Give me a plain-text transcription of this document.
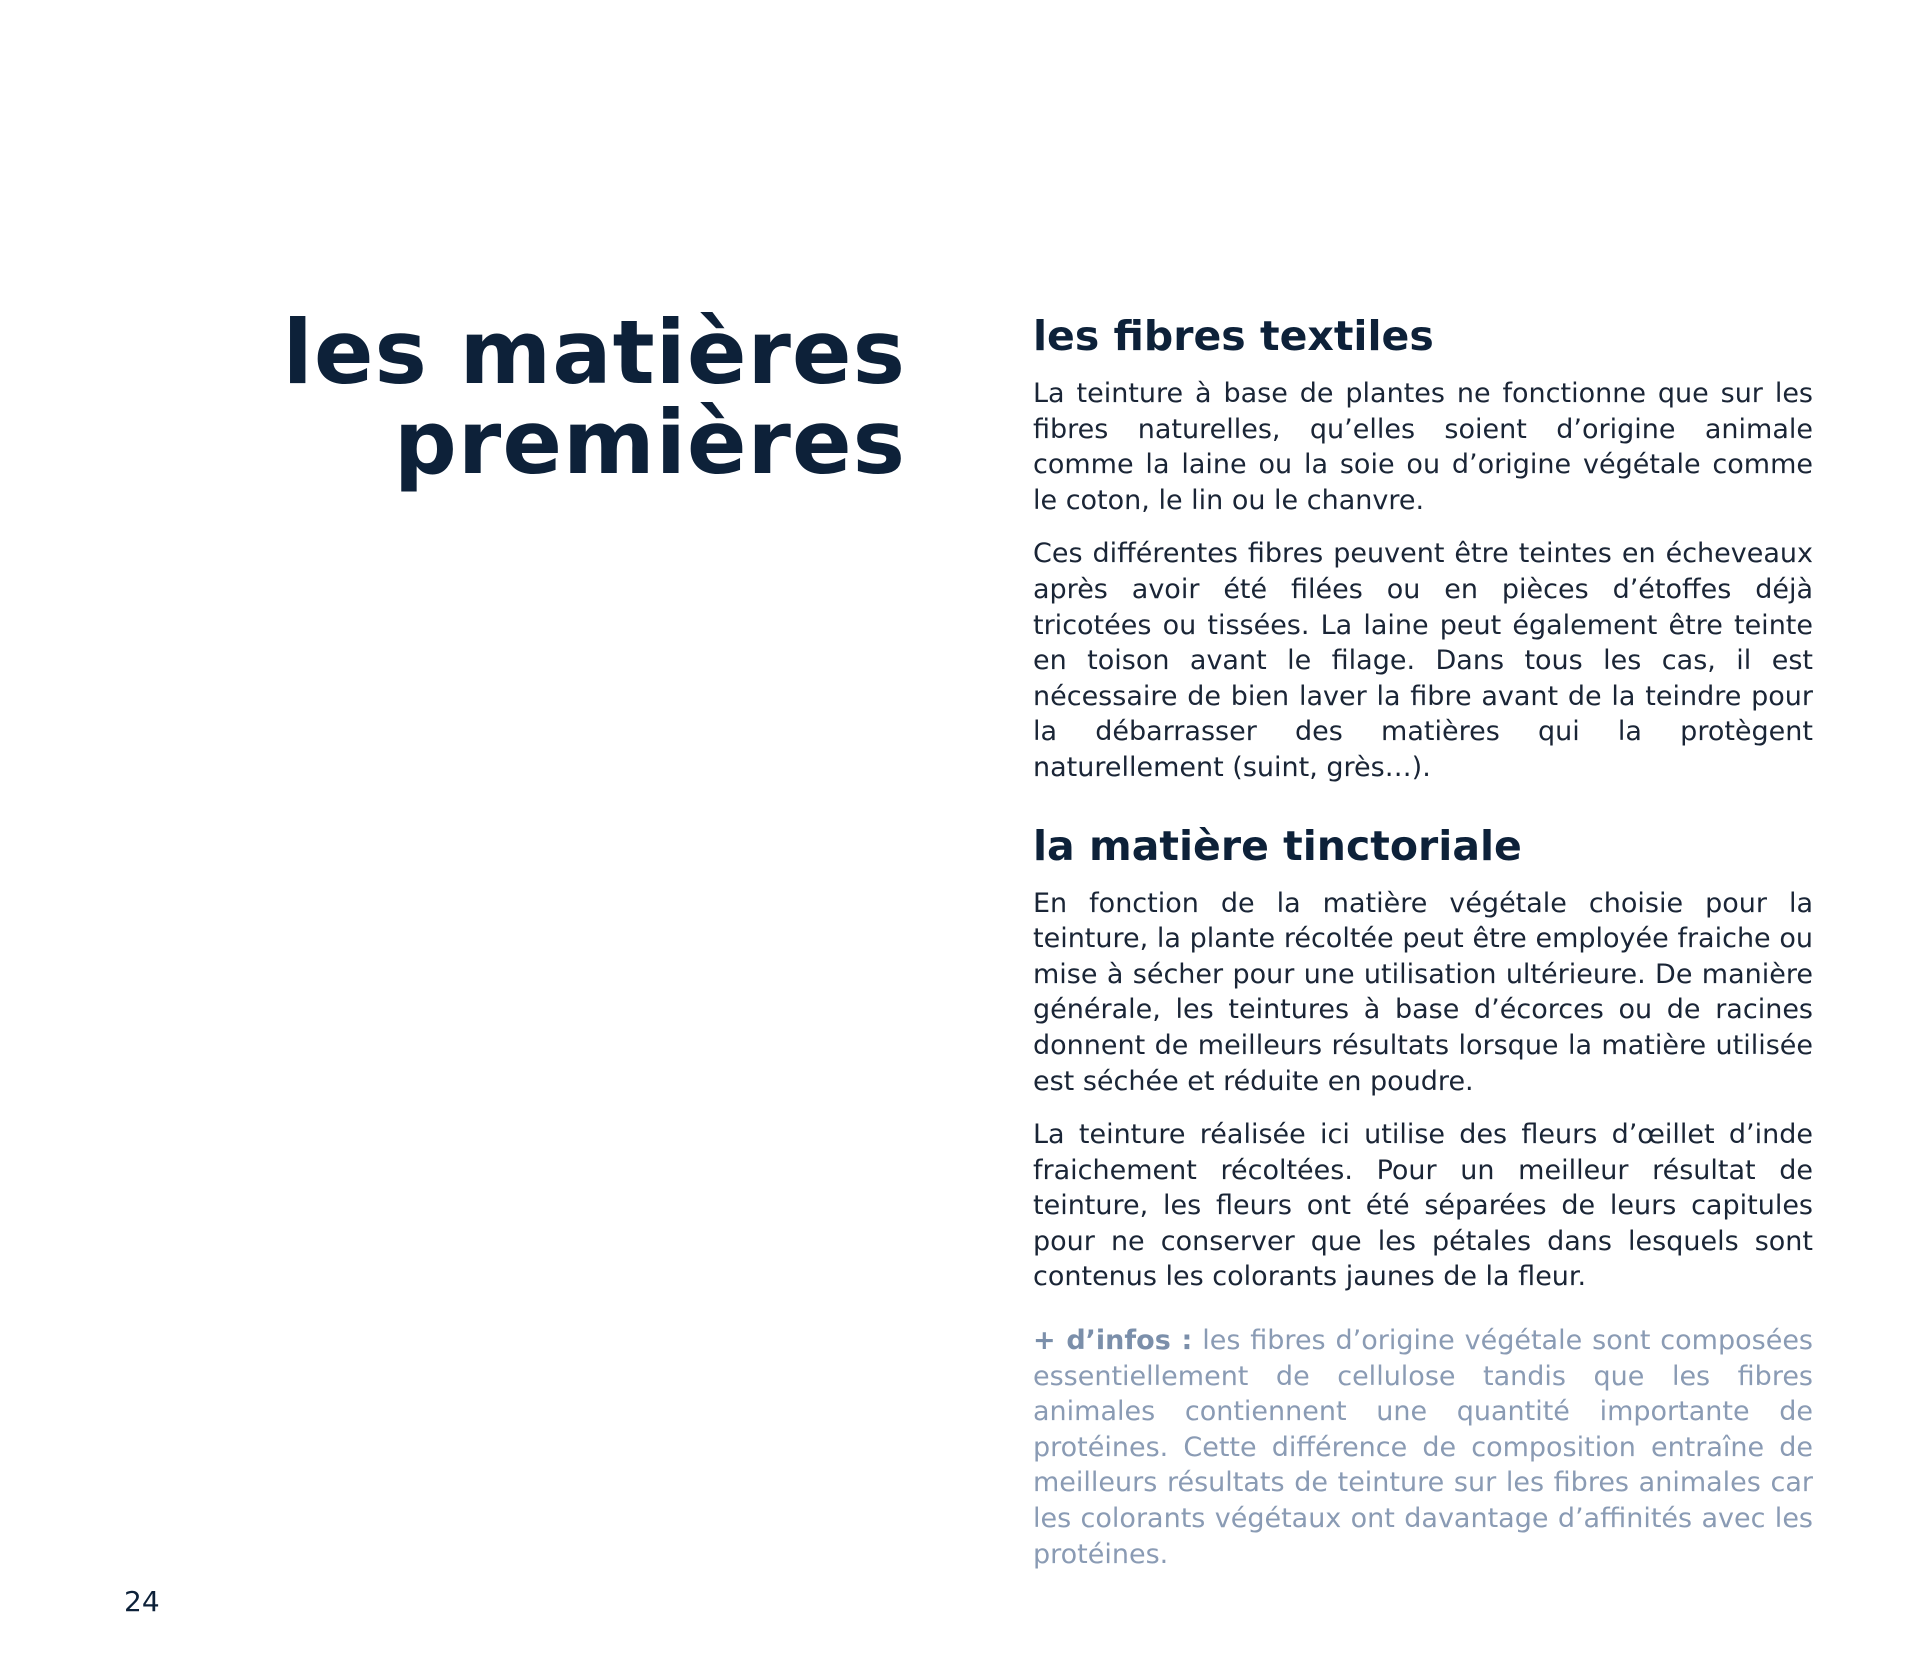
les matières
premières
les fibres textiles

La teinture à base de plantes ne fonctionne que sur les fibres naturelles, qu’elles soient d’origine animale comme la laine ou la soie ou d’origine végétale comme le coton, le lin ou le chanvre.

Ces différentes fibres peuvent être teintes en écheveaux après avoir été filées ou en pièces d’étoffes déjà tricotées ou tissées. La laine peut également être teinte en toison avant le filage. Dans tous les cas, il est nécessaire de bien laver la fibre avant de la teindre pour la débarrasser des matières qui la protègent naturellement (suint, grès…).

la matière tinctoriale

En fonction de la matière végétale choisie pour la teinture, la plante récoltée peut être employée fraiche ou mise à sécher pour une utilisation ultérieure. De manière générale, les teintures à base d’écorces ou de racines donnent de meilleurs résultats lorsque la matière utilisée est séchée et réduite en poudre.

La teinture réalisée ici utilise des fleurs d’œillet d’inde fraichement récoltées. Pour un meilleur résultat de teinture, les fleurs ont été séparées de leurs capitules pour ne conserver que les pétales dans lesquels sont contenus les colorants jaunes de la fleur.

+ d’infos : les fibres d’origine végétale sont composées essentiellement de cellulose tandis que les fibres animales contiennent une quantité importante de protéines. Cette différence de composition entraîne de meilleurs résultats de teinture sur les fibres animales car les colorants végétaux ont davantage d’affinités avec les protéines.

24
